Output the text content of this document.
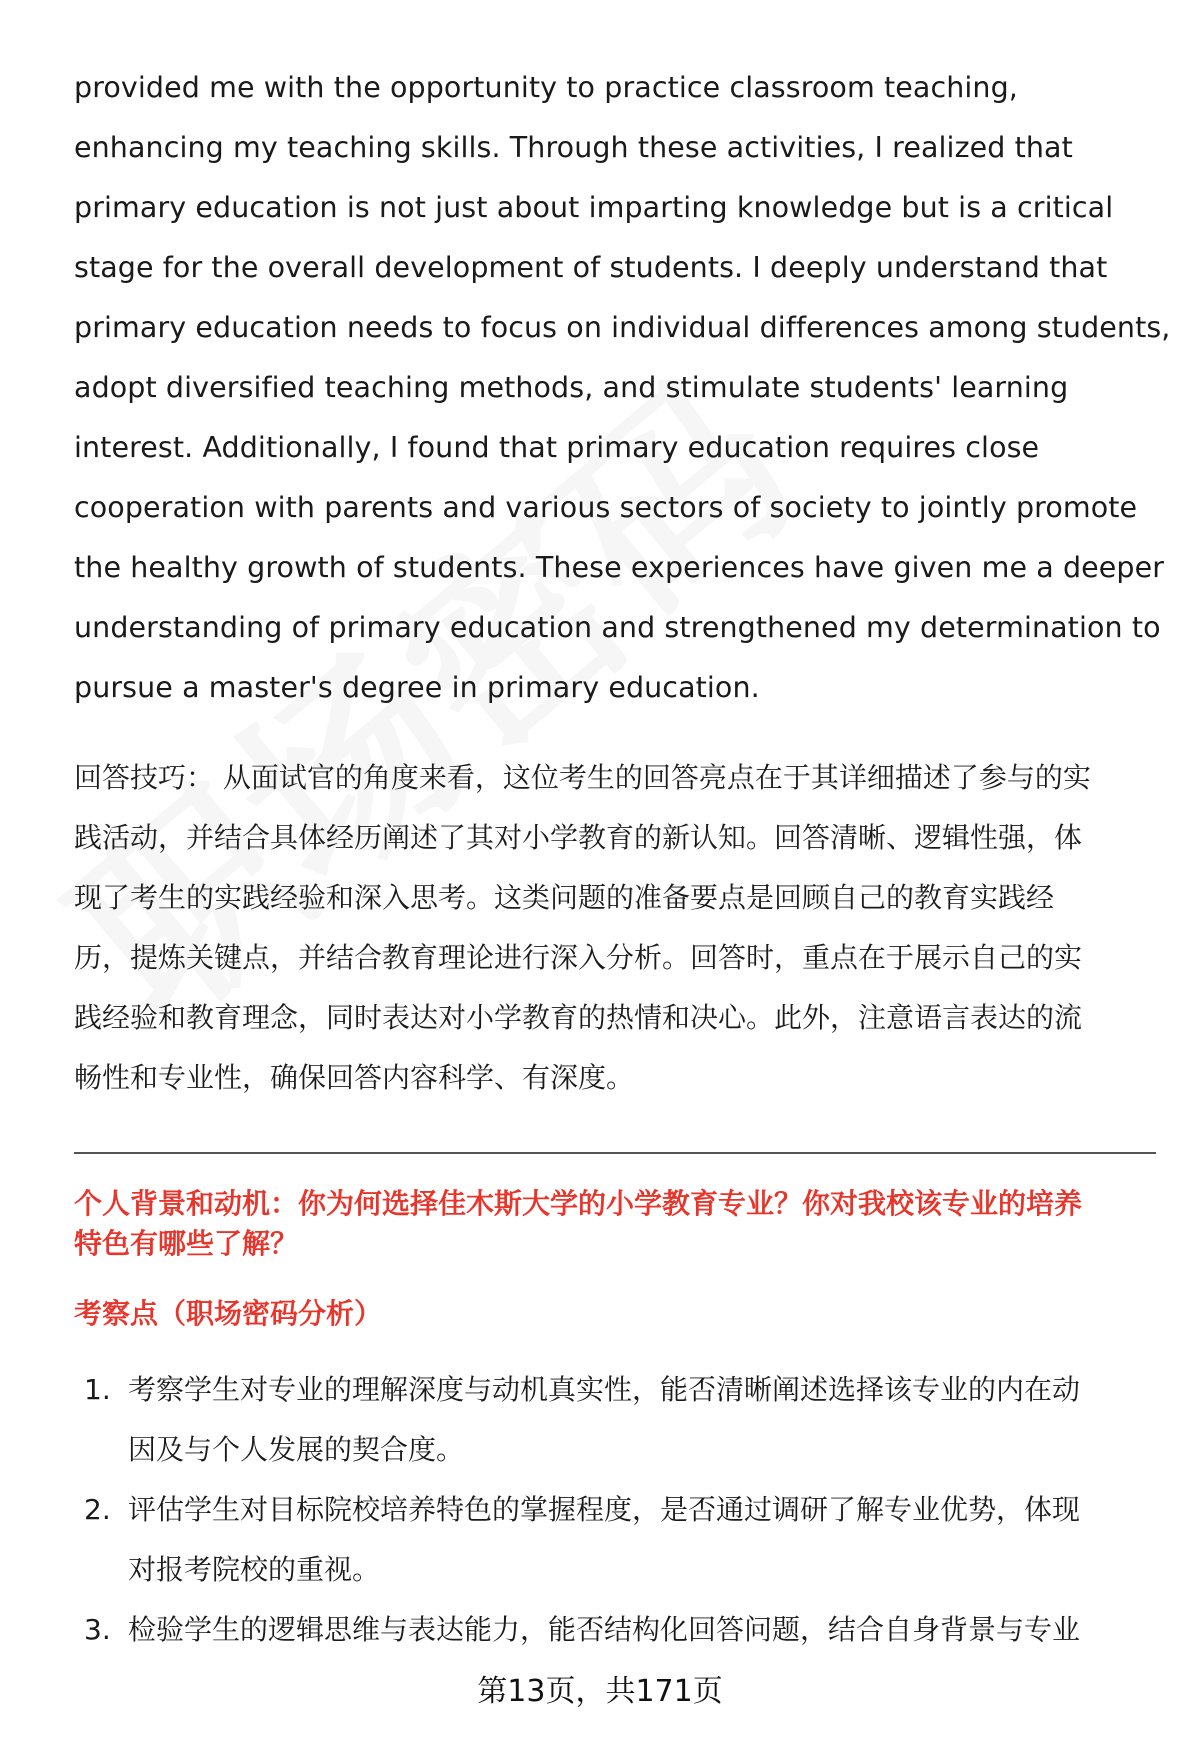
provided me with the opportunity to practice classroom teaching,
enhancing my teaching skills. Through these activities, I realized that
primary education is not just about imparting knowledge but is a critical
stage for the overall development of students. I deeply understand that
primary education needs to focus on individual differences among students,
adopt diversified teaching methods, and stimulate students' learning
interest. Additionally, I found that primary education requires close
cooperation with parents and various sectors of society to jointly promote
the healthy growth of students. These experiences have given me a deeper
understanding of primary education and strengthened my determination to
pursue a master's degree in primary education.

回答技巧： 从面试官的角度来看，这位考生的回答亮点在于其详细描述了参与的实
践活动，并结合具体经历阐述了其对小学教育的新认知。回答清晰、逻辑性强，体
现了考生的实践经验和深入思考。这类问题的准备要点是回顾自己的教育实践经
历，提炼关键点，并结合教育理论进行深入分析。回答时，重点在于展示自己的实
践经验和教育理念，同时表达对小学教育的热情和决心。此外，注意语言表达的流
畅性和专业性，确保回答内容科学、有深度。
个人背景和动机：你为何选择佳木斯大学的小学教育专业？你对我校该专业的培养
特色有哪些了解？
考察点（职场密码分析）
1. 考察学生对专业的理解深度与动机真实性，能否清晰阐述选择该专业的内在动
因及与个人发展的契合度。
2. 评估学生对目标院校培养特色的掌握程度，是否通过调研了解专业优势，体现
对报考院校的重视。
3. 检验学生的逻辑思维与表达能力，能否结构化回答问题，结合自身背景与专业
第13页，共171页
